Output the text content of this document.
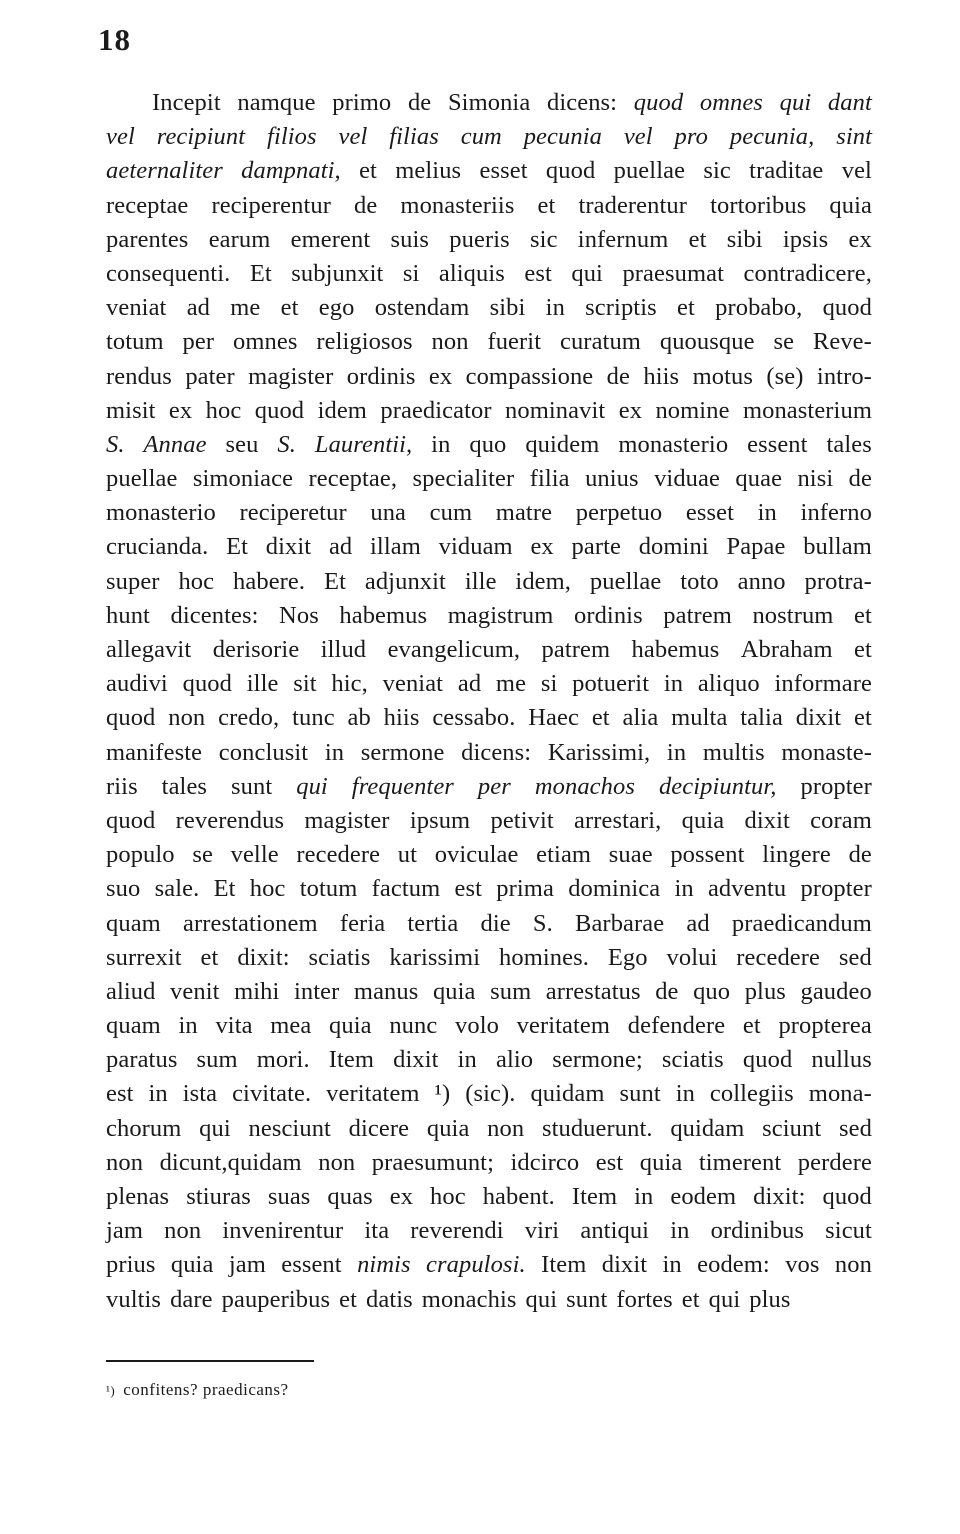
18
Incepit namque primo de Simonia dicens: quod omnes qui dant
vel recipiunt filios vel filias cum pecunia vel pro pecunia, sint
aeternaliter dampnati, et melius esset quod puellae sic traditae vel
receptae reciperentur de monasteriis et traderentur tortoribus quia
parentes earum emerent suis pueris sic infernum et sibi ipsis ex
consequenti. Et subjunxit si aliquis est qui praesumat contradicere,
veniat ad me et ego ostendam sibi in scriptis et probabo, quod
totum per omnes religiosos non fuerit curatum quousque se Reve-
rendus pater magister ordinis ex compassione de hiis motus (se) intro-
misit ex hoc quod idem praedicator nominavit ex nomine monasterium
S. Annae seu S. Laurentii, in quo quidem monasterio essent tales
puellae simoniace receptae, specialiter filia unius viduae quae nisi de
monasterio reciperetur una cum matre perpetuo esset in inferno
crucianda. Et dixit ad illam viduam ex parte domini Papae bullam
super hoc habere. Et adjunxit ille idem, puellae toto anno protra-
hunt dicentes: Nos habemus magistrum ordinis patrem nostrum et
allegavit derisorie illud evangelicum, patrem habemus Abraham et
audivi quod ille sit hic, veniat ad me si potuerit in aliquo informare
quod non credo, tunc ab hiis cessabo. Haec et alia multa talia dixit et
manifeste conclusit in sermone dicens: Karissimi, in multis monaste-
riis tales sunt qui frequenter per monachos decipiuntur, propter
quod reverendus magister ipsum petivit arrestari, quia dixit coram
populo se velle recedere ut oviculae etiam suae possent lingere de
suo sale. Et hoc totum factum est prima dominica in adventu propter
quam arrestationem feria tertia die S. Barbarae ad praedicandum
surrexit et dixit: sciatis karissimi homines. Ego volui recedere sed
aliud venit mihi inter manus quia sum arrestatus de quo plus gaudeo
quam in vita mea quia nunc volo veritatem defendere et propterea
paratus sum mori. Item dixit in alio sermone; sciatis quod nullus
est in ista civitate. veritatem ¹) (sic). quidam sunt in collegiis mona-
chorum qui nesciunt dicere quia non studuerunt. quidam sciunt sed
non dicunt,quidam non praesumunt; idcirco est quia timerent perdere
plenas stiuras suas quas ex hoc habent. Item in eodem dixit: quod
jam non invenirentur ita reverendi viri antiqui in ordinibus sicut
prius quia jam essent nimis crapulosi. Item dixit in eodem: vos non
vultis dare pauperibus et datis monachis qui sunt fortes et qui plus
¹) confitens? praedicans?
